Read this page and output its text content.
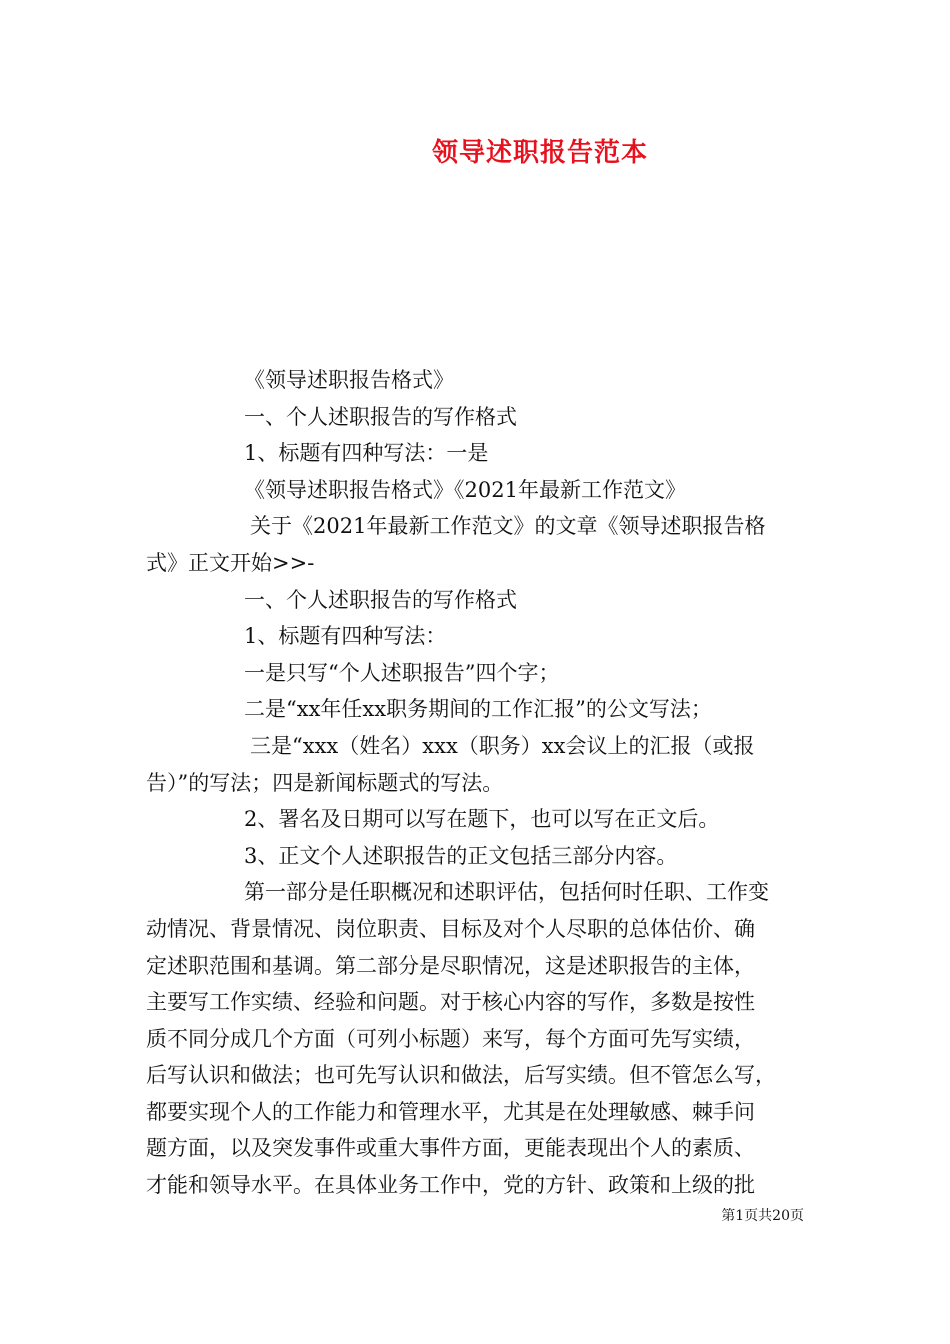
领导述职报告范本
《领导述职报告格式》
一、个人述职报告的写作格式
1、标题有四种写法：一是
《领导述职报告格式》《2021年最新工作范文》
关于《2021年最新工作范文》的文章《领导述职报告格
式》正文开始>>-
一、个人述职报告的写作格式
1、标题有四种写法：
一是只写“个人述职报告”四个字；
二是“xx年任xx职务期间的工作汇报”的公文写法；
三是“xxx（姓名）xxx（职务）xx会议上的汇报（或报
告）”的写法；四是新闻标题式的写法。
2、署名及日期可以写在题下，也可以写在正文后。
3、正文个人述职报告的正文包括三部分内容。
第一部分是任职概况和述职评估，包括何时任职、工作变
动情况、背景情况、岗位职责、目标及对个人尽职的总体估价、确
定述职范围和基调。第二部分是尽职情况，这是述职报告的主体，
主要写工作实绩、经验和问题。对于核心内容的写作，多数是按性
质不同分成几个方面（可列小标题）来写，每个方面可先写实绩，
后写认识和做法；也可先写认识和做法，后写实绩。但不管怎么写，
都要实现个人的工作能力和管理水平，尤其是在处理敏感、棘手问
题方面，以及突发事件或重大事件方面，更能表现出个人的素质、
才能和领导水平。在具体业务工作中，党的方针、政策和上级的批
第1页共20页
